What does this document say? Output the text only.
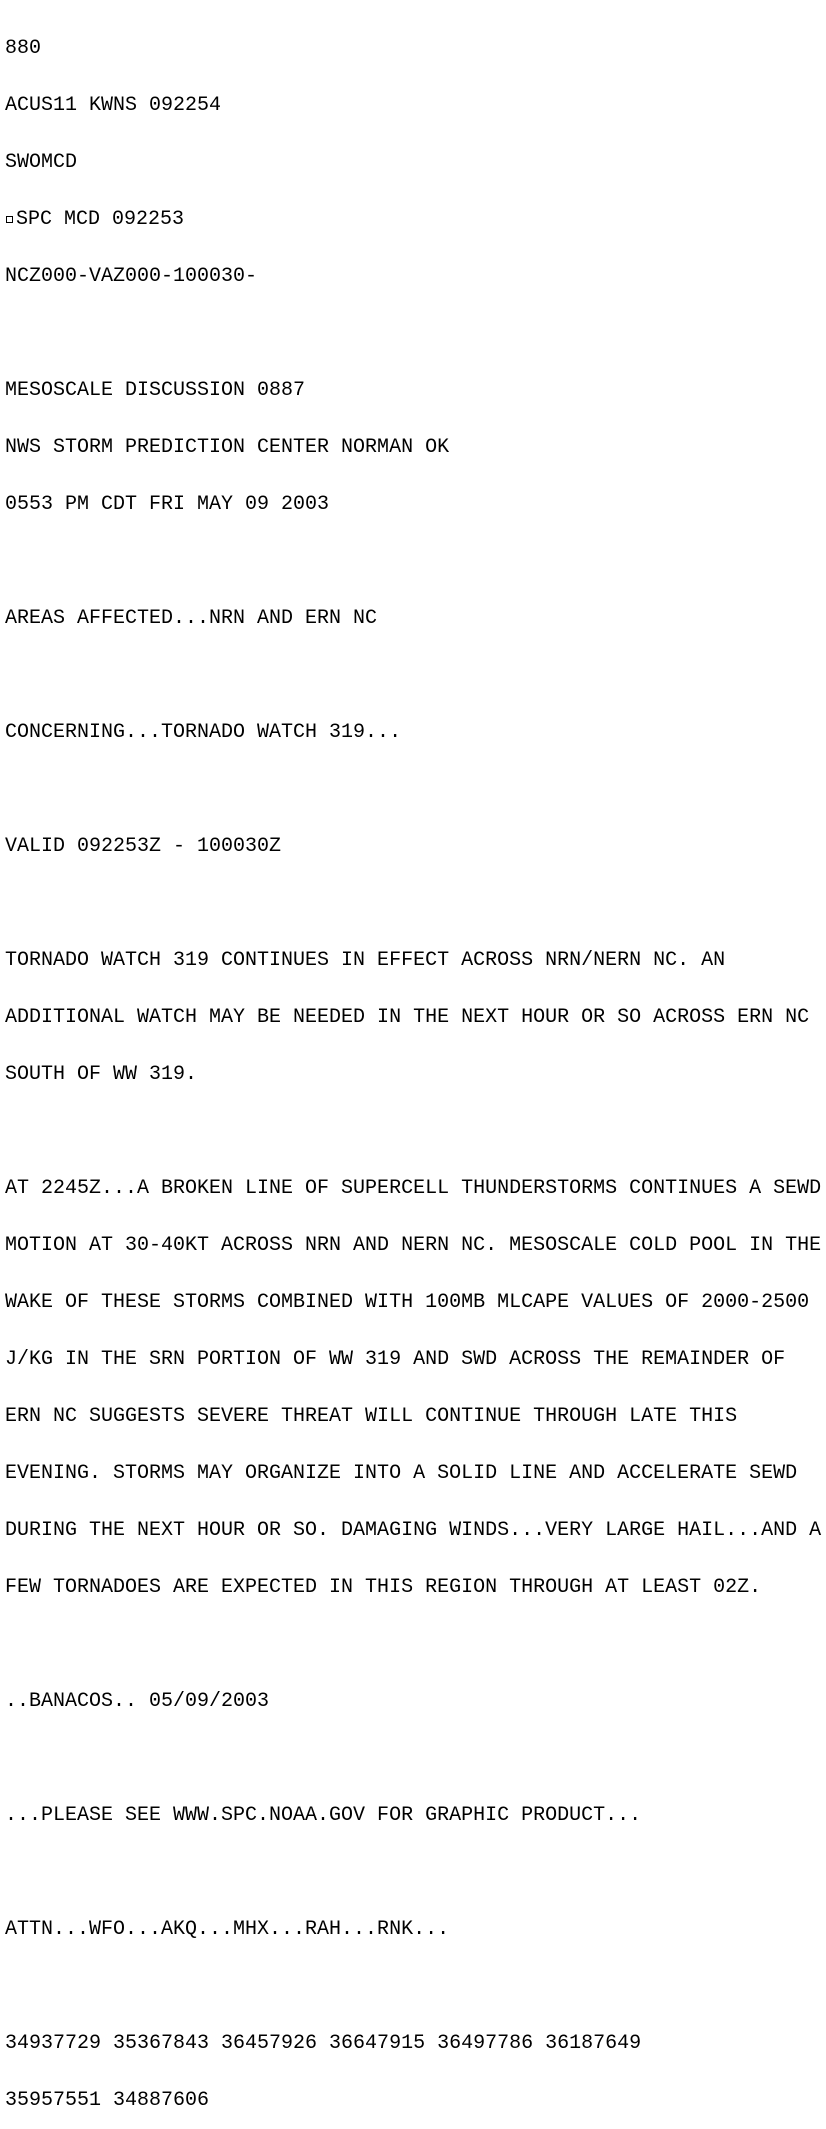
880

ACUS11 KWNS 092254

SWOMCD

SPC MCD 092253

NCZ000-VAZ000-100030-

MESOSCALE DISCUSSION 0887

NWS STORM PREDICTION CENTER NORMAN OK

0553 PM CDT FRI MAY 09 2003

AREAS AFFECTED...NRN AND ERN NC

CONCERNING...TORNADO WATCH 319...

VALID 092253Z - 100030Z

TORNADO WATCH 319 CONTINUES IN EFFECT ACROSS NRN/NERN NC. AN

ADDITIONAL WATCH MAY BE NEEDED IN THE NEXT HOUR OR SO ACROSS ERN NC

SOUTH OF WW 319.

AT 2245Z...A BROKEN LINE OF SUPERCELL THUNDERSTORMS CONTINUES A SEWD

MOTION AT 30-40KT ACROSS NRN AND NERN NC. MESOSCALE COLD POOL IN THE

WAKE OF THESE STORMS COMBINED WITH 100MB MLCAPE VALUES OF 2000-2500

J/KG IN THE SRN PORTION OF WW 319 AND SWD ACROSS THE REMAINDER OF

ERN NC SUGGESTS SEVERE THREAT WILL CONTINUE THROUGH LATE THIS

EVENING. STORMS MAY ORGANIZE INTO A SOLID LINE AND ACCELERATE SEWD

DURING THE NEXT HOUR OR SO. DAMAGING WINDS...VERY LARGE HAIL...AND A

FEW TORNADOES ARE EXPECTED IN THIS REGION THROUGH AT LEAST 02Z.

..BANACOS.. 05/09/2003

...PLEASE SEE WWW.SPC.NOAA.GOV FOR GRAPHIC PRODUCT...

ATTN...WFO...AKQ...MHX...RAH...RNK...

34937729 35367843 36457926 36647915 36497786 36187649

35957551 34887606
